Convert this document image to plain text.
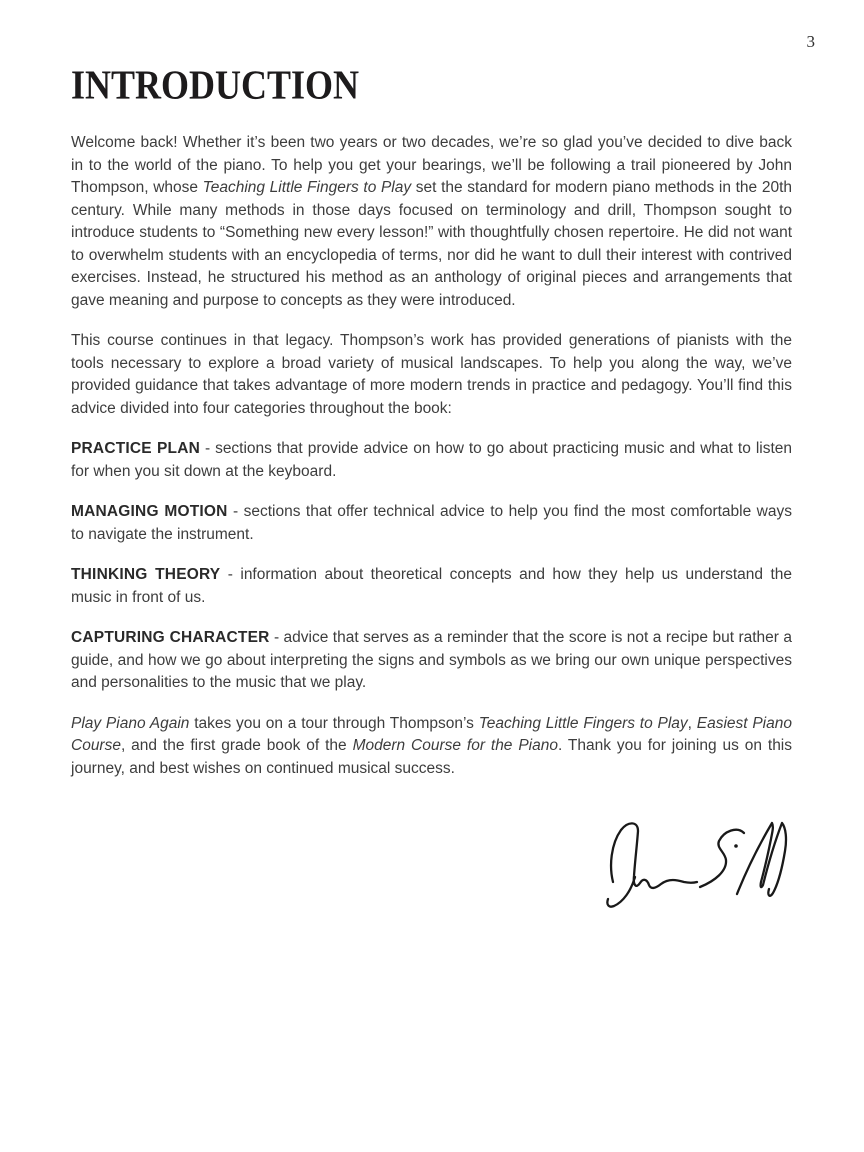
3
INTRODUCTION

Welcome back! Whether it’s been two years or two decades, we’re so glad you’ve decided to dive back in to the world of the piano. To help you get your bearings, we’ll be following a trail pioneered by John Thompson, whose Teaching Little Fingers to Play set the standard for modern piano methods in the 20th century. While many methods in those days focused on terminology and drill, Thompson sought to introduce students to “Something new every lesson!” with thoughtfully chosen repertoire. He did not want to overwhelm students with an encyclopedia of terms, nor did he want to dull their interest with contrived exercises. Instead, he structured his method as an anthology of original pieces and arrangements that gave meaning and purpose to concepts as they were introduced.

This course continues in that legacy. Thompson’s work has provided generations of pianists with the tools necessary to explore a broad variety of musical landscapes. To help you along the way, we’ve provided guidance that takes advantage of more modern trends in practice and pedagogy. You’ll find this advice divided into four categories throughout the book:

PRACTICE PLAN - sections that provide advice on how to go about practicing music and what to listen for when you sit down at the keyboard.

MANAGING MOTION - sections that offer technical advice to help you find the most comfortable ways to navigate the instrument.

THINKING THEORY - information about theoretical concepts and how they help us understand the music in front of us.

CAPTURING CHARACTER - advice that serves as a reminder that the score is not a recipe but rather a guide, and how we go about interpreting the signs and symbols as we bring our own unique perspectives and personalities to the music that we play.

Play Piano Again takes you on a tour through Thompson’s Teaching Little Fingers to Play, Easiest Piano Course, and the first grade book of the Modern Course for the Piano. Thank you for joining us on this journey, and best wishes on continued musical success.
